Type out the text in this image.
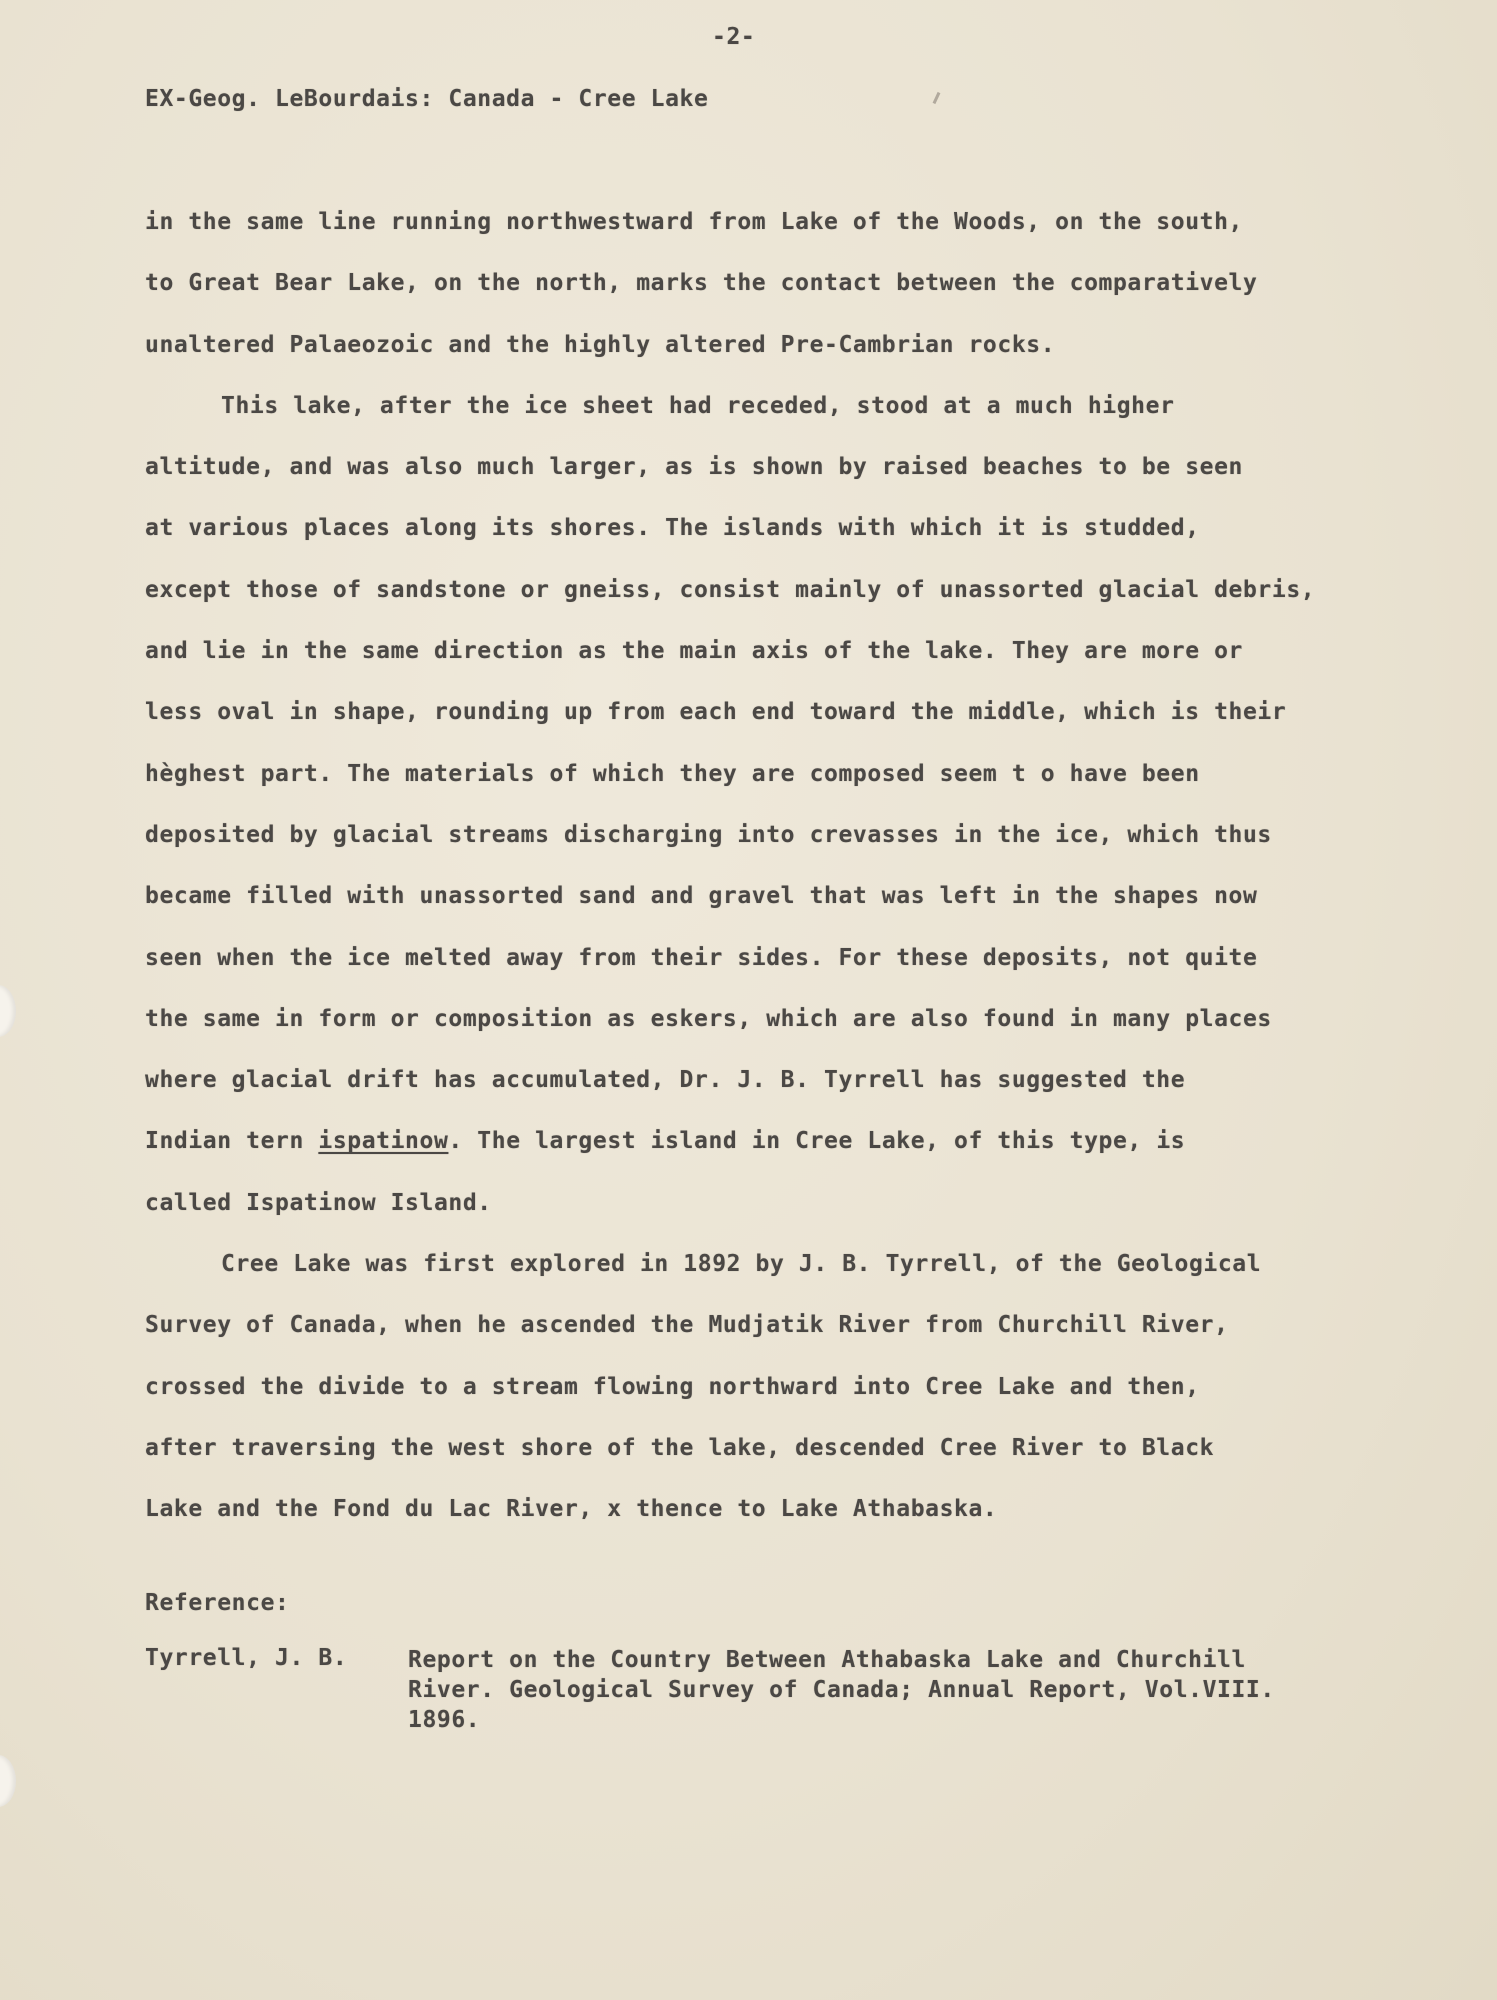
-2-
EX-Geog. LeBourdais: Canada - Cree Lake
in the same line running northwestward from Lake of the Woods, on the south,
to Great Bear Lake, on the north, marks the contact between the comparatively
unaltered Palaeozoic and the highly altered Pre-Cambrian rocks.
This lake, after the ice sheet had receded, stood at a much higher
altitude, and was also much larger, as is shown by raised beaches to be seen
at various places along its shores. The islands with which it is studded,
except those of sandstone or gneiss, consist mainly of unassorted glacial debris,
and lie in the same direction as the main axis of the lake. They are more or
less oval in shape, rounding up from each end toward the middle, which is their
hѐghest part. The materials of which they are composed seem t o have been
deposited by glacial streams discharging into crevasses in the ice, which thus
became filled with unassorted sand and gravel that was left in the shapes now
seen when the ice melted away from their sides. For these deposits, not quite
the same in form or composition as eskers, which are also found in many places
where glacial drift has accumulated, Dr. J. B. Tyrrell has suggested the
Indian tern ispatinow. The largest island in Cree Lake, of this type, is
called Ispatinow Island.
Cree Lake was first explored in 1892 by J. B. Tyrrell, of the Geological
Survey of Canada, when he ascended the Mudjatik River from Churchill River,
crossed the divide to a stream flowing northward into Cree Lake and then,
after traversing the west shore of the lake, descended Cree River to Black
Lake and the Fond du Lac River, x thence to Lake Athabaska.
Reference:
Tyrrell, J. B.	Report on the Country Between Athabaska Lake and Churchill
River. Geological Survey of Canada; Annual Report, Vol.VIII.
1896.
